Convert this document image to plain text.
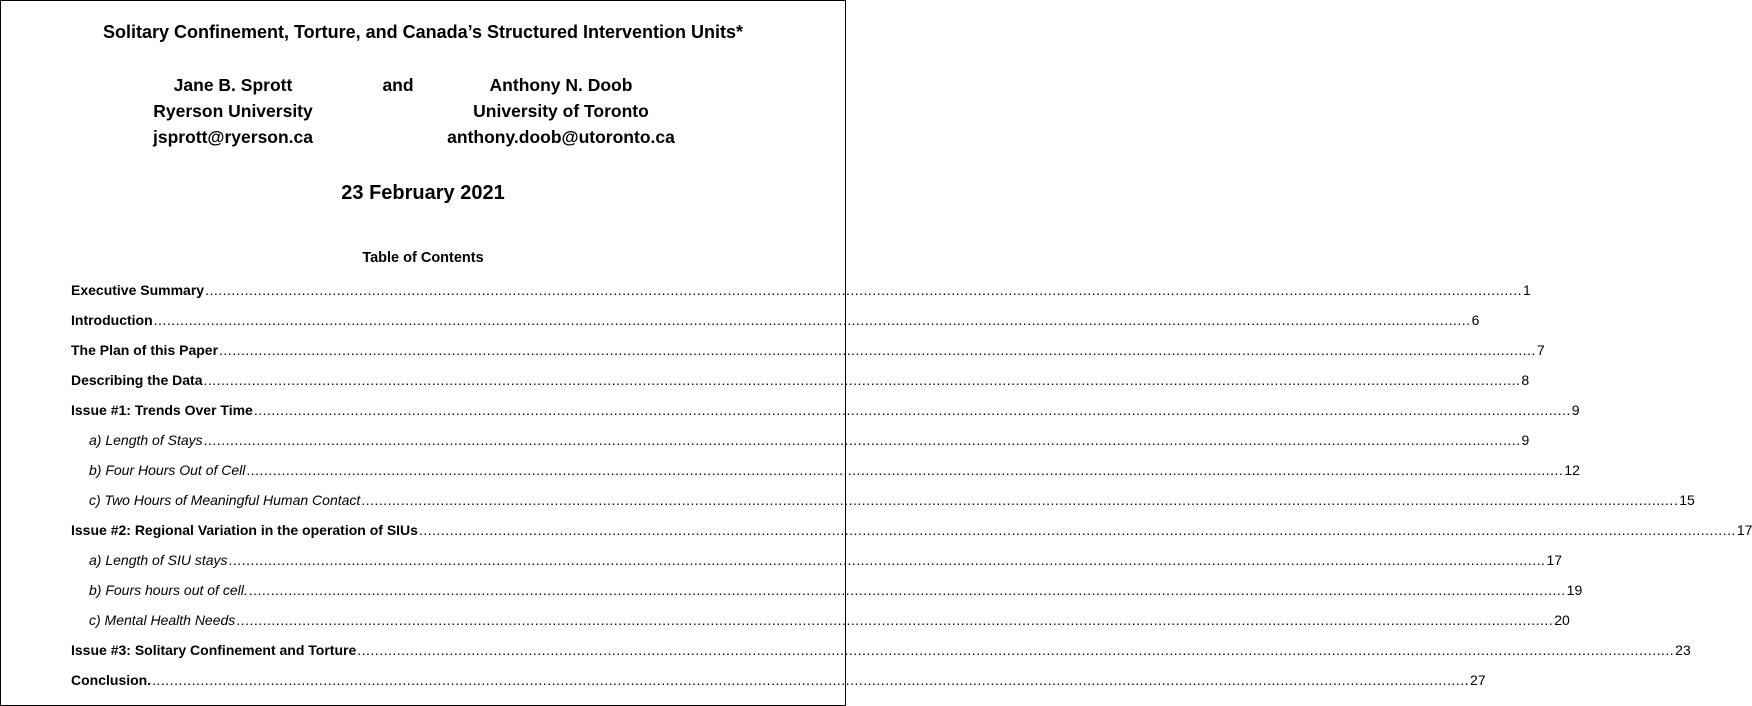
Solitary Confinement, Torture, and Canada’s Structured Intervention Units*
Jane B. Sprott
Ryerson University
jsprott@ryerson.ca
and	Anthony N. Doob
University of Toronto
anthony.doob@utoronto.ca
23 February 2021
Table of Contents
Executive Summary ............................................................................................................................................................................................................................................................................................................ 1
Introduction ............................................................................................................................................................................................................................................................................................................ 6
The Plan of this Paper ............................................................................................................................................................................................................................................................................................................ 7
Describing the Data ............................................................................................................................................................................................................................................................................................................ 8
Issue #1: Trends Over Time ............................................................................................................................................................................................................................................................................................................ 9
a) Length of Stays ............................................................................................................................................................................................................................................................................................................ 9
b) Four Hours Out of Cell ............................................................................................................................................................................................................................................................................................................ 12
c) Two Hours of Meaningful Human Contact ............................................................................................................................................................................................................................................................................................................ 15
Issue #2: Regional Variation in the operation of SIUs ............................................................................................................................................................................................................................................................................................................ 17
a) Length of SIU stays ............................................................................................................................................................................................................................................................................................................ 17
b) Fours hours out of cell. ............................................................................................................................................................................................................................................................................................................ 19
c) Mental Health Needs ............................................................................................................................................................................................................................................................................................................ 20
Issue #3: Solitary Confinement and Torture ............................................................................................................................................................................................................................................................................................................ 23
Conclusion. ............................................................................................................................................................................................................................................................................................................ 27
